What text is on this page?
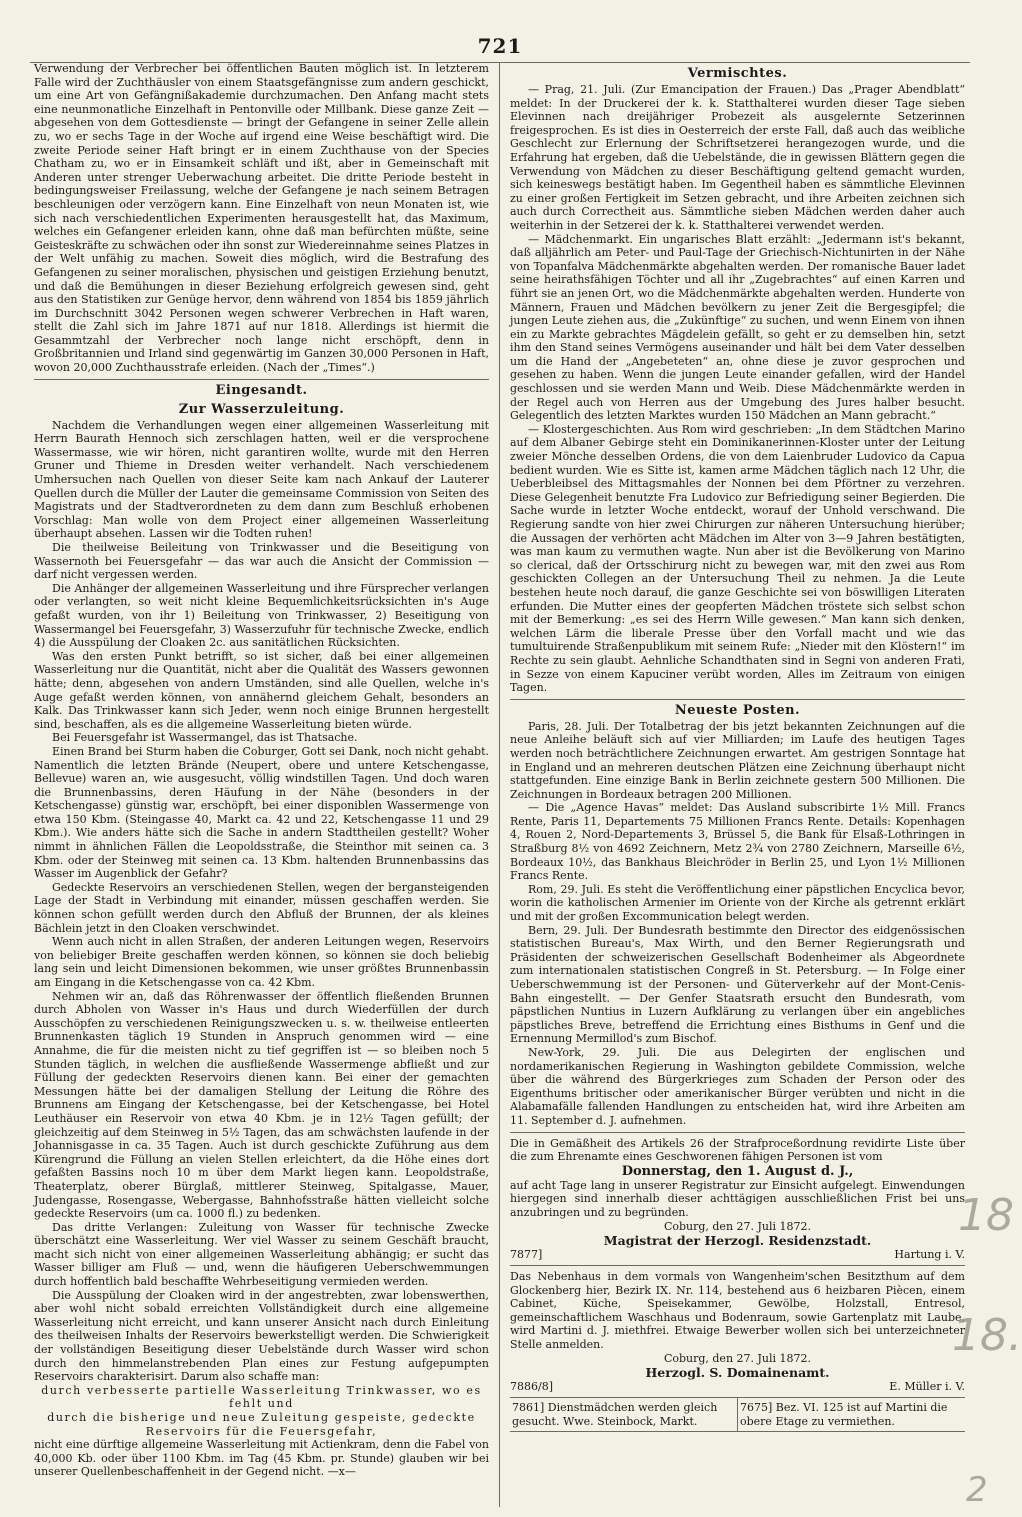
721

Verwendung der Verbrecher bei öffentlichen Bauten möglich ist. In letzterem Falle wird der Zuchthäusler von einem Staatsgefängnisse zum andern geschickt, um eine Art von Gefängnißakademie durchzumachen. Den Anfang macht stets eine neunmonatliche Einzelhaft in Pentonville oder Millbank. Diese ganze Zeit — abgesehen von dem Gottesdienste — bringt der Gefangene in seiner Zelle allein zu, wo er sechs Tage in der Woche auf irgend eine Weise beschäftigt wird. Die zweite Periode seiner Haft bringt er in einem Zuchthause von der Species Chatham zu, wo er in Einsamkeit schläft und ißt, aber in Gemeinschaft mit Anderen unter strenger Ueberwachung arbeitet. Die dritte Periode besteht in bedingungsweiser Freilassung, welche der Gefangene je nach seinem Betragen beschleunigen oder verzögern kann. Eine Einzelhaft von neun Monaten ist, wie sich nach verschiedentlichen Experimenten herausgestellt hat, das Maximum, welches ein Gefangener erleiden kann, ohne daß man befürchten müßte, seine Geisteskräfte zu schwächen oder ihn sonst zur Wiedereinnahme seines Platzes in der Welt unfähig zu machen. Soweit dies möglich, wird die Bestrafung des Gefangenen zu seiner moralischen, physischen und geistigen Erziehung benutzt, und daß die Bemühungen in dieser Beziehung erfolgreich gewesen sind, geht aus den Statistiken zur Genüge hervor, denn während von 1854 bis 1859 jährlich im Durchschnitt 3042 Personen wegen schwerer Verbrechen in Haft waren, stellt die Zahl sich im Jahre 1871 auf nur 1818. Allerdings ist hiermit die Gesammtzahl der Verbrecher noch lange nicht erschöpft, denn in Großbritannien und Irland sind gegenwärtig im Ganzen 30,000 Personen in Haft, wovon 20,000 Zuchthausstrafe erleiden. (Nach der „Times“.)

Eingesandt.
Zur Wasserzuleitung.

Nachdem die Verhandlungen wegen einer allgemeinen Wasserleitung mit Herrn Baurath Hennoch sich zerschlagen hatten, weil er die versprochene Wassermasse, wie wir hören, nicht garantiren wollte, wurde mit den Herren Gruner und Thieme in Dresden weiter verhandelt. Nach verschiedenem Umhersuchen nach Quellen von dieser Seite kam nach Ankauf der Lauterer Quellen durch die Müller der Lauter die gemeinsame Commission von Seiten des Magistrats und der Stadtverordneten zu dem dann zum Beschluß erhobenen Vorschlag: Man wolle von dem Project einer allgemeinen Wasserleitung überhaupt absehen. Lassen wir die Todten ruhen!

Die theilweise Beileitung von Trinkwasser und die Beseitigung von Wassernoth bei Feuersgefahr — das war auch die Ansicht der Commission — darf nicht vergessen werden.

Die Anhänger der allgemeinen Wasserleitung und ihre Fürsprecher verlangen oder verlangten, so weit nicht kleine Bequemlichkeitsrücksichten in's Auge gefaßt wurden, von ihr 1) Beileitung von Trinkwasser, 2) Beseitigung von Wassermangel bei Feuersgefahr, 3) Wasserzufuhr für technische Zwecke, endlich 4) die Ausspülung der Cloaken 2c. aus sanitätlichen Rücksichten.

Was den ersten Punkt betrifft, so ist sicher, daß bei einer allgemeinen Wasserleitung nur die Quantität, nicht aber die Qualität des Wassers gewonnen hätte; denn, abgesehen von andern Umständen, sind alle Quellen, welche in's Auge gefaßt werden können, von annähernd gleichem Gehalt, besonders an Kalk. Das Trinkwasser kann sich Jeder, wenn noch einige Brunnen hergestellt sind, beschaffen, als es die allgemeine Wasserleitung bieten würde.

Bei Feuersgefahr ist Wassermangel, das ist Thatsache.

Einen Brand bei Sturm haben die Coburger, Gott sei Dank, noch nicht gehabt. Namentlich die letzten Brände (Neupert, obere und untere Ketschengasse, Bellevue) waren an, wie ausgesucht, völlig windstillen Tagen. Und doch waren die Brunnenbassins, deren Häufung in der Nähe (besonders in der Ketschengasse) günstig war, erschöpft, bei einer disponiblen Wassermenge von etwa 150 Kbm. (Steingasse 40, Markt ca. 42 und 22, Ketschengasse 11 und 29 Kbm.). Wie anders hätte sich die Sache in andern Stadttheilen gestellt? Woher nimmt in ähnlichen Fällen die Leopoldsstraße, die Steinthor mit seinen ca. 3 Kbm. oder der Steinweg mit seinen ca. 13 Kbm. haltenden Brunnenbassins das Wasser im Augenblick der Gefahr?

Gedeckte Reservoirs an verschiedenen Stellen, wegen der bergansteigenden Lage der Stadt in Verbindung mit einander, müssen geschaffen werden. Sie können schon gefüllt werden durch den Abfluß der Brunnen, der als kleines Bächlein jetzt in den Cloaken verschwindet.

Wenn auch nicht in allen Straßen, der anderen Leitungen wegen, Reservoirs von beliebiger Breite geschaffen werden können, so können sie doch beliebig lang sein und leicht Dimensionen bekommen, wie unser größtes Brunnenbassin am Eingang in die Ketschengasse von ca. 42 Kbm.

Nehmen wir an, daß das Röhrenwasser der öffentlich fließenden Brunnen durch Abholen von Wasser in's Haus und durch Wiederfüllen der durch Ausschöpfen zu verschiedenen Reinigungszwecken u. s. w. theilweise entleerten Brunnenkasten täglich 19 Stunden in Anspruch genommen wird — eine Annahme, die für die meisten nicht zu tief gegriffen ist — so bleiben noch 5 Stunden täglich, in welchen die ausfließende Wassermenge abfließt und zur Füllung der gedeckten Reservoirs dienen kann. Bei einer der gemachten Messungen hätte bei der damaligen Stellung der Leitung die Röhre des Brunnens am Eingang der Ketschengasse, bei der Ketschengasse, bei Hotel Leuthäuser ein Reservoir von etwa 40 Kbm. je in 12½ Tagen gefüllt; der gleichzeitig auf dem Steinweg in 5½ Tagen, das am schwächsten laufende in der Johannisgasse in ca. 35 Tagen. Auch ist durch geschickte Zuführung aus dem Kürengrund die Füllung an vielen Stellen erleichtert, da die Höhe eines dort gefaßten Bassins noch 10 m über dem Markt liegen kann. Leopoldstraße, Theaterplatz, oberer Bürglaß, mittlerer Steinweg, Spitalgasse, Mauer, Judengasse, Rosengasse, Webergasse, Bahnhofsstraße hätten vielleicht solche gedeckte Reservoirs (um ca. 1000 fl.) zu bedenken.

Das dritte Verlangen: Zuleitung von Wasser für technische Zwecke überschätzt eine Wasserleitung. Wer viel Wasser zu seinem Geschäft braucht, macht sich nicht von einer allgemeinen Wasserleitung abhängig; er sucht das Wasser billiger am Fluß — und, wenn die häufigeren Ueberschwemmungen durch hoffentlich bald beschaffte Wehrbeseitigung vermieden werden.

Die Ausspülung der Cloaken wird in der angestrebten, zwar lobenswerthen, aber wohl nicht sobald erreichten Vollständigkeit durch eine allgemeine Wasserleitung nicht erreicht, und kann unserer Ansicht nach durch Einleitung des theilweisen Inhalts der Reservoirs bewerkstelligt werden. Die Schwierigkeit der vollständigen Beseitigung dieser Uebelstände durch Wasser wird schon durch den himmelanstrebenden Plan eines zur Festung aufgepumpten Reservoirs charakterisirt. Darum also schaffe man:

durch verbesserte partielle Wasserleitung Trinkwasser, wo es fehlt und

durch die bisherige und neue Zuleitung gespeiste, gedeckte Reservoirs für die Feuersgefahr,

nicht eine dürftige allgemeine Wasserleitung mit Actienkram, denn die Fabel von 40,000 Kb. oder über 1100 Kbm. im Tag (45 Kbm. pr. Stunde) glauben wir bei unserer Quellenbeschaffenheit in der Gegend nicht. —x—

Vermischtes.

— Prag, 21. Juli. (Zur Emancipation der Frauen.) Das „Prager Abendblatt“ meldet: In der Druckerei der k. k. Statthalterei wurden dieser Tage sieben Elevinnen nach dreijähriger Probezeit als ausgelernte Setzerinnen freigesprochen. Es ist dies in Oesterreich der erste Fall, daß auch das weibliche Geschlecht zur Erlernung der Schriftsetzerei herangezogen wurde, und die Erfahrung hat ergeben, daß die Uebelstände, die in gewissen Blättern gegen die Verwendung von Mädchen zu dieser Beschäftigung geltend gemacht wurden, sich keineswegs bestätigt haben. Im Gegentheil haben es sämmtliche Elevinnen zu einer großen Fertigkeit im Setzen gebracht, und ihre Arbeiten zeichnen sich auch durch Correctheit aus. Sämmtliche sieben Mädchen werden daher auch weiterhin in der Setzerei der k. k. Statthalterei verwendet werden.

— Mädchenmarkt. Ein ungarisches Blatt erzählt: „Jedermann ist's bekannt, daß alljährlich am Peter- und Paul-Tage der Griechisch-Nichtunirten in der Nähe von Topanfalva Mädchenmärkte abgehalten werden. Der romanische Bauer ladet seine heirathsfähigen Töchter und all ihr „Zugebrachtes“ auf einen Karren und führt sie an jenen Ort, wo die Mädchenmärkte abgehalten werden. Hunderte von Männern, Frauen und Mädchen bevölkern zu jener Zeit die Bergesgipfel; die jungen Leute ziehen aus, die „Zukünftige“ zu suchen, und wenn Einem von ihnen ein zu Markte gebrachtes Mägdelein gefällt, so geht er zu demselben hin, setzt ihm den Stand seines Vermögens auseinander und hält bei dem Vater desselben um die Hand der „Angebeteten“ an, ohne diese je zuvor gesprochen und gesehen zu haben. Wenn die jungen Leute einander gefallen, wird der Handel geschlossen und sie werden Mann und Weib. Diese Mädchenmärkte werden in der Regel auch von Herren aus der Umgebung des Jures halber besucht. Gelegentlich des letzten Marktes wurden 150 Mädchen an Mann gebracht.“

— Klostergeschichten. Aus Rom wird geschrieben: „In dem Städtchen Marino auf dem Albaner Gebirge steht ein Dominikanerinnen-Kloster unter der Leitung zweier Mönche desselben Ordens, die von dem Laienbruder Ludovico da Capua bedient wurden. Wie es Sitte ist, kamen arme Mädchen täglich nach 12 Uhr, die Ueberbleibsel des Mittagsmahles der Nonnen bei dem Pförtner zu verzehren. Diese Gelegenheit benutzte Fra Ludovico zur Befriedigung seiner Begierden. Die Sache wurde in letzter Woche entdeckt, worauf der Unhold verschwand. Die Regierung sandte von hier zwei Chirurgen zur näheren Untersuchung hierüber; die Aussagen der verhörten acht Mädchen im Alter von 3—9 Jahren bestätigten, was man kaum zu vermuthen wagte. Nun aber ist die Bevölkerung von Marino so clerical, daß der Ortsschirurg nicht zu bewegen war, mit den zwei aus Rom geschickten Collegen an der Untersuchung Theil zu nehmen. Ja die Leute bestehen heute noch darauf, die ganze Geschichte sei von böswilligen Literaten erfunden. Die Mutter eines der geopferten Mädchen tröstete sich selbst schon mit der Bemerkung: „es sei des Herrn Wille gewesen.“ Man kann sich denken, welchen Lärm die liberale Presse über den Vorfall macht und wie das tumultuirende Straßenpublikum mit seinem Rufe: „Nieder mit den Klöstern!“ im Rechte zu sein glaubt. Aehnliche Schandthaten sind in Segni von anderen Frati, in Sezze von einem Kapuciner verübt worden, Alles im Zeitraum von einigen Tagen.

Neueste Posten.

Paris, 28. Juli. Der Totalbetrag der bis jetzt bekannten Zeichnungen auf die neue Anleihe beläuft sich auf vier Milliarden; im Laufe des heutigen Tages werden noch beträchtlichere Zeichnungen erwartet. Am gestrigen Sonntage hat in England und an mehreren deutschen Plätzen eine Zeichnung überhaupt nicht stattgefunden. Eine einzige Bank in Berlin zeichnete gestern 500 Millionen. Die Zeichnungen in Bordeaux betragen 200 Millionen.

— Die „Agence Havas“ meldet: Das Ausland subscribirte 1½ Mill. Francs Rente, Paris 11, Departements 75 Millionen Francs Rente. Details: Kopenhagen 4, Rouen 2, Nord-Departements 3, Brüssel 5, die Bank für Elsaß-Lothringen in Straßburg 8½ von 4692 Zeichnern, Metz 2¾ von 2780 Zeichnern, Marseille 6½, Bordeaux 10½, das Bankhaus Bleichröder in Berlin 25, und Lyon 1½ Millionen Francs Rente.

Rom, 29. Juli. Es steht die Veröffentlichung einer päpstlichen Encyclica bevor, worin die katholischen Armenier im Oriente von der Kirche als getrennt erklärt und mit der großen Excommunication belegt werden.

Bern, 29. Juli. Der Bundesrath bestimmte den Director des eidgenössischen statistischen Bureau's, Max Wirth, und den Berner Regierungsrath und Präsidenten der schweizerischen Gesellschaft Bodenheimer als Abgeordnete zum internationalen statistischen Congreß in St. Petersburg. — In Folge einer Ueberschwemmung ist der Personen- und Güterverkehr auf der Mont-Cenis-Bahn eingestellt. — Der Genfer Staatsrath ersucht den Bundesrath, vom päpstlichen Nuntius in Luzern Aufklärung zu verlangen über ein angebliches päpstliches Breve, betreffend die Errichtung eines Bisthums in Genf und die Ernennung Mermillod's zum Bischof.

New-York, 29. Juli. Die aus Delegirten der englischen und nordamerikanischen Regierung in Washington gebildete Commission, welche über die während des Bürgerkrieges zum Schaden der Person oder des Eigenthums britischer oder amerikanischer Bürger verübten und nicht in die Alabamafälle fallenden Handlungen zu entscheiden hat, wird ihre Arbeiten am 11. September d. J. aufnehmen.

Die in Gemäßheit des Artikels 26 der Strafproceßordnung revidirte Liste über die zum Ehrenamte eines Geschworenen fähigen Personen ist vom

Donnerstag, den 1. August d. J.,

auf acht Tage lang in unserer Registratur zur Einsicht aufgelegt. Einwendungen hiergegen sind innerhalb dieser achttägigen ausschließlichen Frist bei uns anzubringen und zu begründen.

Coburg, den 27. Juli 1872.

Magistrat der Herzogl. Residenzstadt.
7877]	Hartung i. V.

Das Nebenhaus in dem vormals von Wangenheim'schen Besitzthum auf dem Glockenberg hier, Bezirk IX. Nr. 114, bestehend aus 6 heizbaren Piècen, einem Cabinet, Küche, Speisekammer, Gewölbe, Holzstall, Entresol, gemeinschaftlichem Waschhaus und Bodenraum, sowie Gartenplatz mit Laube, wird Martini d. J. miethfrei. Etwaige Bewerber wollen sich bei unterzeichneter Stelle anmelden.

Coburg, den 27. Juli 1872.

Herzogl. S. Domainenamt.
7886/8]	E. Müller i. V.
7861] Dienstmädchen werden gleich gesucht. Wwe. Steinbock, Markt.
7675] Bez. VI. 125 ist auf Martini die obere Etage zu vermiethen.
18
18.
2
